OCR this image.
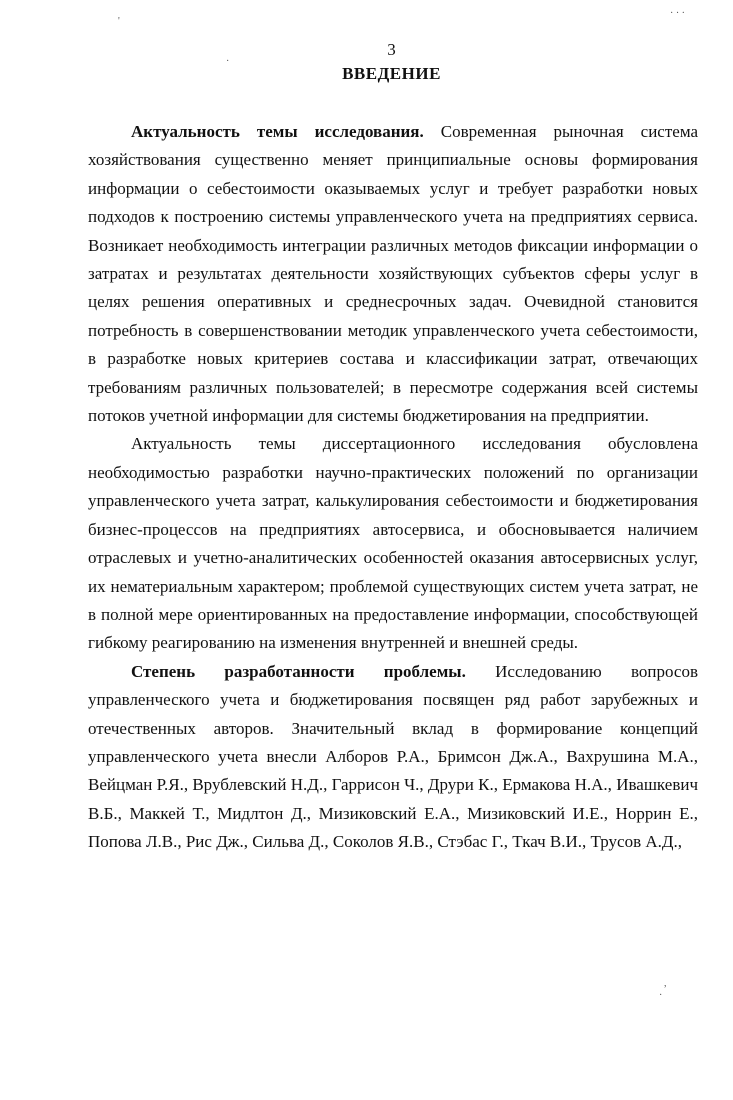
3
ВВЕДЕНИЕ

Актуальность темы исследования. Современная рыночная система хозяйствования существенно меняет принципиальные основы формирования информации о себестоимости оказываемых услуг и требует разработки новых подходов к построению системы управленческого учета на предприятиях сервиса. Возникает необходимость интеграции различных методов фиксации информации о затратах и результатах деятельности хозяйствующих субъектов сферы услуг в целях решения оперативных и среднесрочных задач. Очевидной становится потребность в совершенствовании методик управленческого учета себестоимости, в разработке новых критериев состава и классификации затрат, отвечающих требованиям различных пользователей; в пересмотре содержания всей системы потоков учетной информации для системы бюджетирования на предприятии.

Актуальность темы диссертационного исследования обусловлена необходимостью разработки научно-практических положений по организации управленческого учета затрат, калькулирования себестоимости и бюджетирования бизнес-процессов на предприятиях автосервиса, и обосновывается наличием отраслевых и учетно-аналитических особенностей оказания автосервисных услуг, их нематериальным характером; проблемой существующих систем учета затрат, не в полной мере ориентированных на предоставление информации, способствующей гибкому реагированию на изменения внутренней и внешней среды.

Степень разработанности проблемы. Исследованию вопросов управленческого учета и бюджетирования посвящен ряд работ зарубежных и отечественных авторов. Значительный вклад в формирование концепций управленческого учета внесли Алборов Р.А., Бримсон Дж.А., Вахрушина М.А., Вейцман Р.Я., Врублевский Н.Д., Гаррисон Ч., Друри К., Ермакова Н.А., Ивашкевич В.Б., Маккей Т., Мидлтон Д., Мизиковский Е.А., Мизиковский И.Е., Норрин Е., Попова Л.В., Рис Дж., Сильва Д., Соколов Я.В., Стэбас Г., Ткач В.И., Трусов А.Д.,

· · ·
'
·
,
·
